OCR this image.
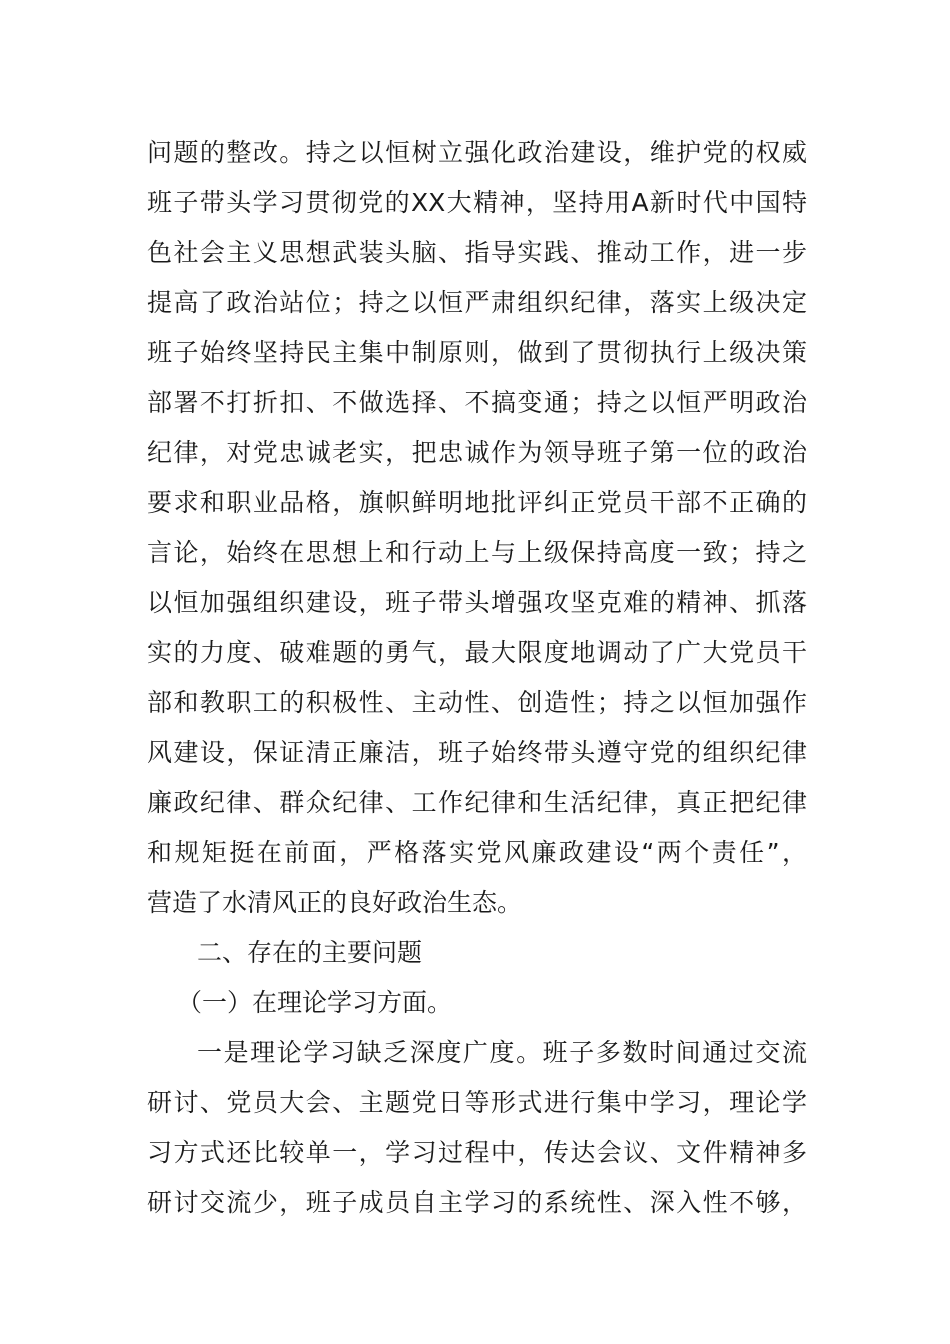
问题的整改。持之以恒树立强化政治建设，维护党的权威
班子带头学习贯彻党的XX大精神，坚持用A新时代中国特
色社会主义思想武装头脑、指导实践、推动工作，进一步
提高了政治站位；持之以恒严肃组织纪律，落实上级决定
班子始终坚持民主集中制原则，做到了贯彻执行上级决策
部署不打折扣、不做选择、不搞变通；持之以恒严明政治
纪律，对党忠诚老实，把忠诚作为领导班子第一位的政治
要求和职业品格，旗帜鲜明地批评纠正党员干部不正确的
言论，始终在思想上和行动上与上级保持高度一致；持之
以恒加强组织建设，班子带头增强攻坚克难的精神、抓落
实的力度、破难题的勇气，最大限度地调动了广大党员干
部和教职工的积极性、主动性、创造性；持之以恒加强作
风建设，保证清正廉洁，班子始终带头遵守党的组织纪律
廉政纪律、群众纪律、工作纪律和生活纪律，真正把纪律
和规矩挺在前面，严格落实党风廉政建设“两个责任”，
营造了水清风正的良好政治生态。
二、存在的主要问题
（一）在理论学习方面。
一是理论学习缺乏深度广度。班子多数时间通过交流
研讨、党员大会、主题党日等形式进行集中学习，理论学
习方式还比较单一，学习过程中，传达会议、文件精神多
研讨交流少，班子成员自主学习的系统性、深入性不够，
